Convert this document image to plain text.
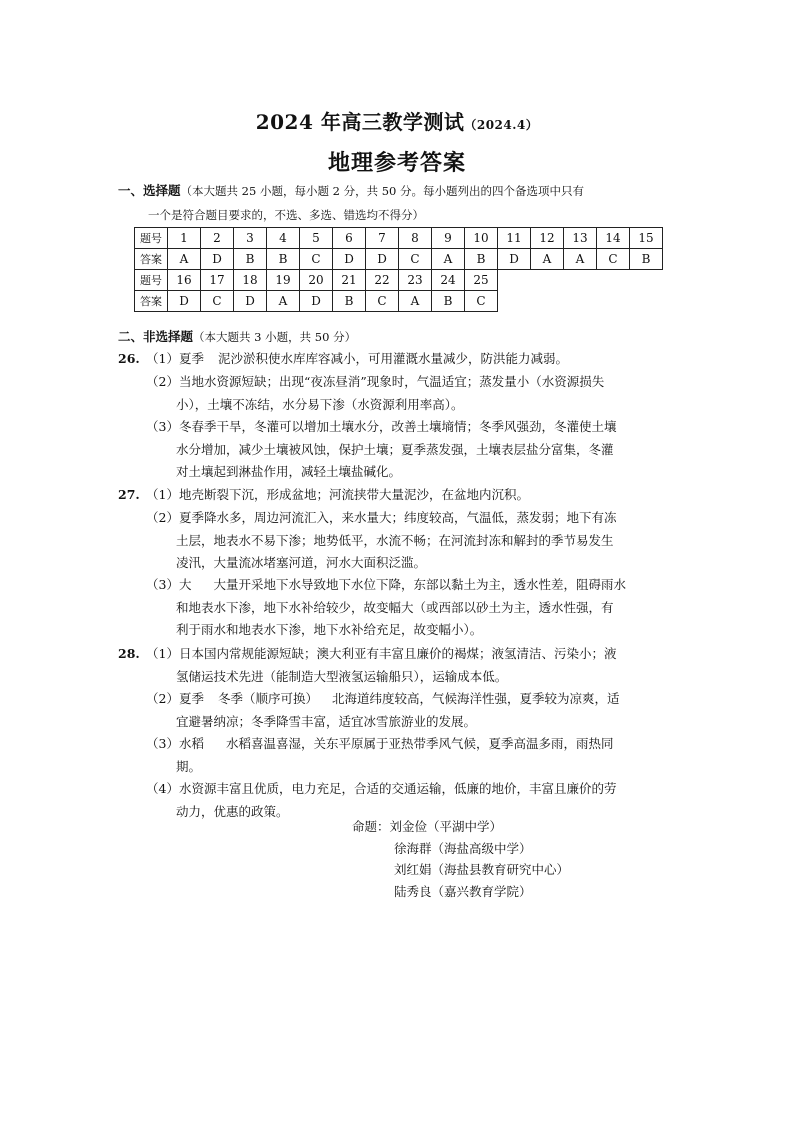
2024 年高三教学测试（2024.4）
地理参考答案
一、选择题（本大题共 25 小题，每小题 2 分，共 50 分。每小题列出的四个备选项中只有
一个是符合题目要求的，不选、多选、错选均不得分）
题号	1	2	3	4	5	6	7	8	9	10	11	12	13	14	15
答案	A	D	B	B	C	D	D	C	A	B	D	A	A	C	B
题号	16	17	18	19	20	21	22	23	24	25					
答案	D	C	D	A	D	B	C	A	B	C					
二、非选择题（本大题共 3 小题，共 50 分）
26. （1）夏季 泥沙淤积使水库库容减小，可用灌溉水量减少，防洪能力减弱。
（2）当地水资源短缺；出现“夜冻昼消”现象时，气温适宜；蒸发量小（水资源损失
小），土壤不冻结，水分易下渗（水资源利用率高）。
（3）冬春季干旱，冬灌可以增加土壤水分，改善土壤墒情；冬季风强劲，冬灌使土壤
水分增加，减少土壤被风蚀，保护土壤；夏季蒸发强，土壤表层盐分富集，冬灌
对土壤起到淋盐作用，减轻土壤盐碱化。
27. （1）地壳断裂下沉，形成盆地；河流挟带大量泥沙，在盆地内沉积。
（2）夏季降水多，周边河流汇入，来水量大；纬度较高，气温低，蒸发弱；地下有冻
土层，地表水不易下渗；地势低平，水流不畅；在河流封冻和解封的季节易发生
凌汛，大量流冰堵塞河道，河水大面积泛滥。
（3）大 大量开采地下水导致地下水位下降，东部以黏土为主，透水性差，阻碍雨水
和地表水下渗，地下水补给较少，故变幅大（或西部以砂土为主，透水性强，有
利于雨水和地表水下渗，地下水补给充足，故变幅小）。
28. （1）日本国内常规能源短缺；澳大利亚有丰富且廉价的褐煤；液氢清洁、污染小；液
氢储运技术先进（能制造大型液氢运输船只），运输成本低。
（2）夏季 冬季（顺序可换） 北海道纬度较高，气候海洋性强，夏季较为凉爽，适
宜避暑纳凉；冬季降雪丰富，适宜冰雪旅游业的发展。
（3）水稻 水稻喜温喜湿，关东平原属于亚热带季风气候，夏季高温多雨，雨热同
期。
（4）水资源丰富且优质，电力充足，合适的交通运输，低廉的地价，丰富且廉价的劳
动力，优惠的政策。
命题：刘金俭（平湖中学）
徐海群（海盐高级中学）
刘红娟（海盐县教育研究中心）
陆秀良（嘉兴教育学院）
